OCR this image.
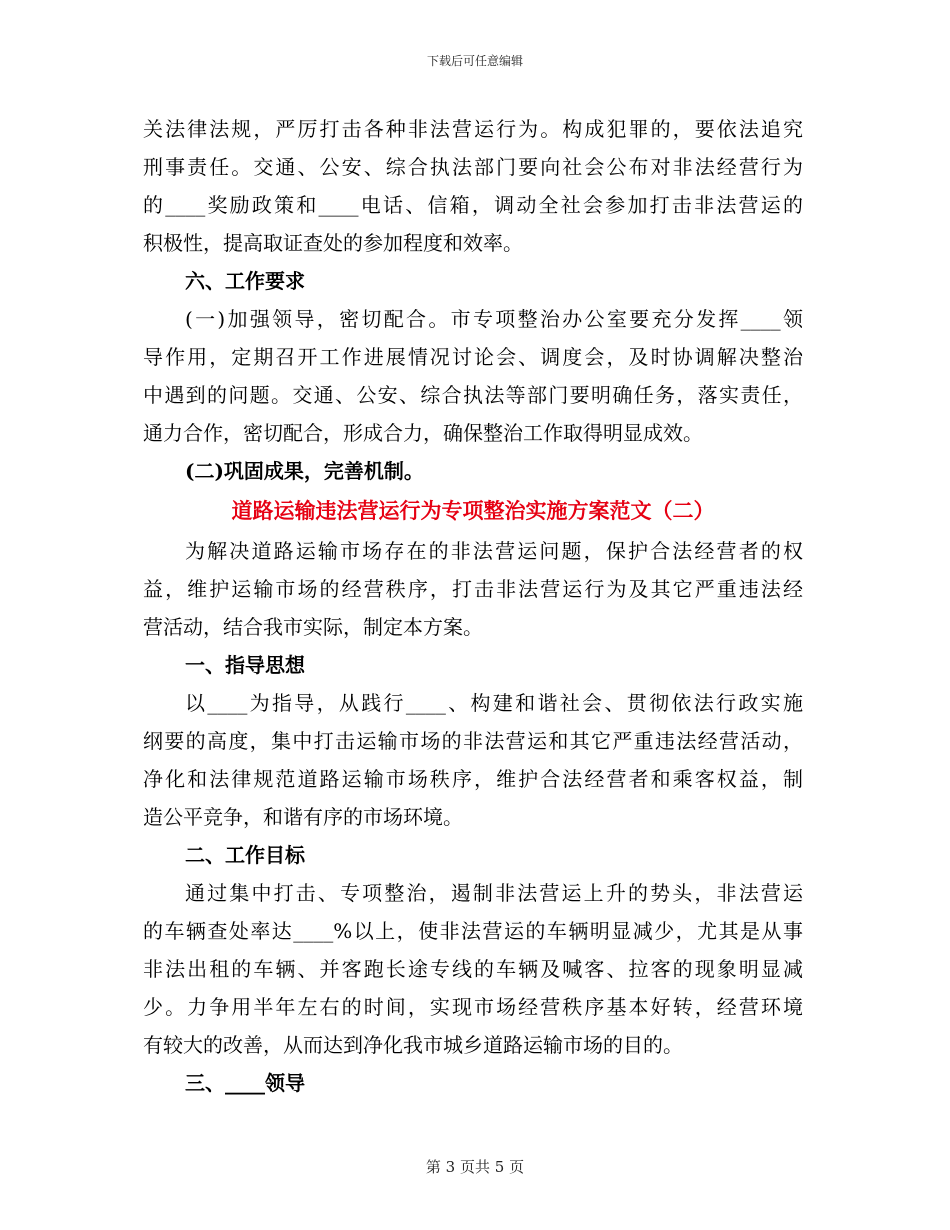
下载后可任意编辑
关法律法规，严厉打击各种非法营运行为。构成犯罪的，要依法追究
刑事责任。交通、公安、综合执法部门要向社会公布对非法经营行为
的____奖励政策和____电话、信箱，调动全社会参加打击非法营运的
积极性，提高取证查处的参加程度和效率。
六、工作要求
(一)加强领导，密切配合。市专项整治办公室要充分发挥____领
导作用，定期召开工作进展情况讨论会、调度会，及时协调解决整治
中遇到的问题。交通、公安、综合执法等部门要明确任务，落实责任，
通力合作，密切配合，形成合力，确保整治工作取得明显成效。
(二)巩固成果，完善机制。
道路运输违法营运行为专项整治实施方案范文（二）
为解决道路运输市场存在的非法营运问题，保护合法经营者的权
益，维护运输市场的经营秩序，打击非法营运行为及其它严重违法经
营活动，结合我市实际，制定本方案。
一、指导思想
以____为指导，从践行____、构建和谐社会、贯彻依法行政实施
纲要的高度，集中打击运输市场的非法营运和其它严重违法经营活动，
净化和法律规范道路运输市场秩序，维护合法经营者和乘客权益，制
造公平竞争，和谐有序的市场环境。
二、工作目标
通过集中打击、专项整治，遏制非法营运上升的势头，非法营运
的车辆查处率达____%以上，使非法营运的车辆明显减少，尤其是从事
非法出租的车辆、并客跑长途专线的车辆及喊客、拉客的现象明显减
少。力争用半年左右的时间，实现市场经营秩序基本好转，经营环境
有较大的改善，从而达到净化我市城乡道路运输市场的目的。
三、____领导
第 3 页共 5 页
